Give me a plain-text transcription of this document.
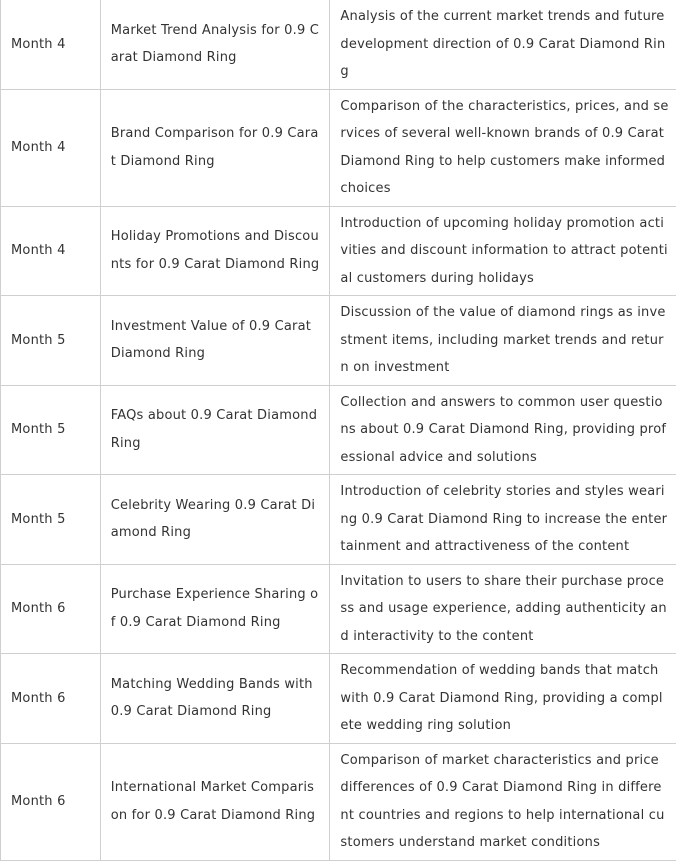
Month 4	Market Trend Analysis for 0.9 Carat Diamond Ring	Analysis of the current market trends and future development direction of 0.9 Carat Diamond Ring
Month 4	Brand Comparison for 0.9 Carat Diamond Ring	Comparison of the characteristics, prices, and services of several well-known brands of 0.9 Carat Diamond Ring to help customers make informed choices
Month 4	Holiday Promotions and Discounts for 0.9 Carat Diamond Ring	Introduction of upcoming holiday promotion activities and discount information to attract potential customers during holidays
Month 5	Investment Value of 0.9 Carat Diamond Ring	Discussion of the value of diamond rings as investment items, including market trends and return on investment
Month 5	FAQs about 0.9 Carat Diamond Ring	Collection and answers to common user questions about 0.9 Carat Diamond Ring, providing professional advice and solutions
Month 5	Celebrity Wearing 0.9 Carat Diamond Ring	Introduction of celebrity stories and styles wearing 0.9 Carat Diamond Ring to increase the entertainment and attractiveness of the content
Month 6	Purchase Experience Sharing of 0.9 Carat Diamond Ring	Invitation to users to share their purchase process and usage experience, adding authenticity and interactivity to the content
Month 6	Matching Wedding Bands with 0.9 Carat Diamond Ring	Recommendation of wedding bands that match with 0.9 Carat Diamond Ring, providing a complete wedding ring solution
Month 6	International Market Comparison for 0.9 Carat Diamond Ring	Comparison of market characteristics and price differences of 0.9 Carat Diamond Ring in different countries and regions to help international customers understand market conditions
